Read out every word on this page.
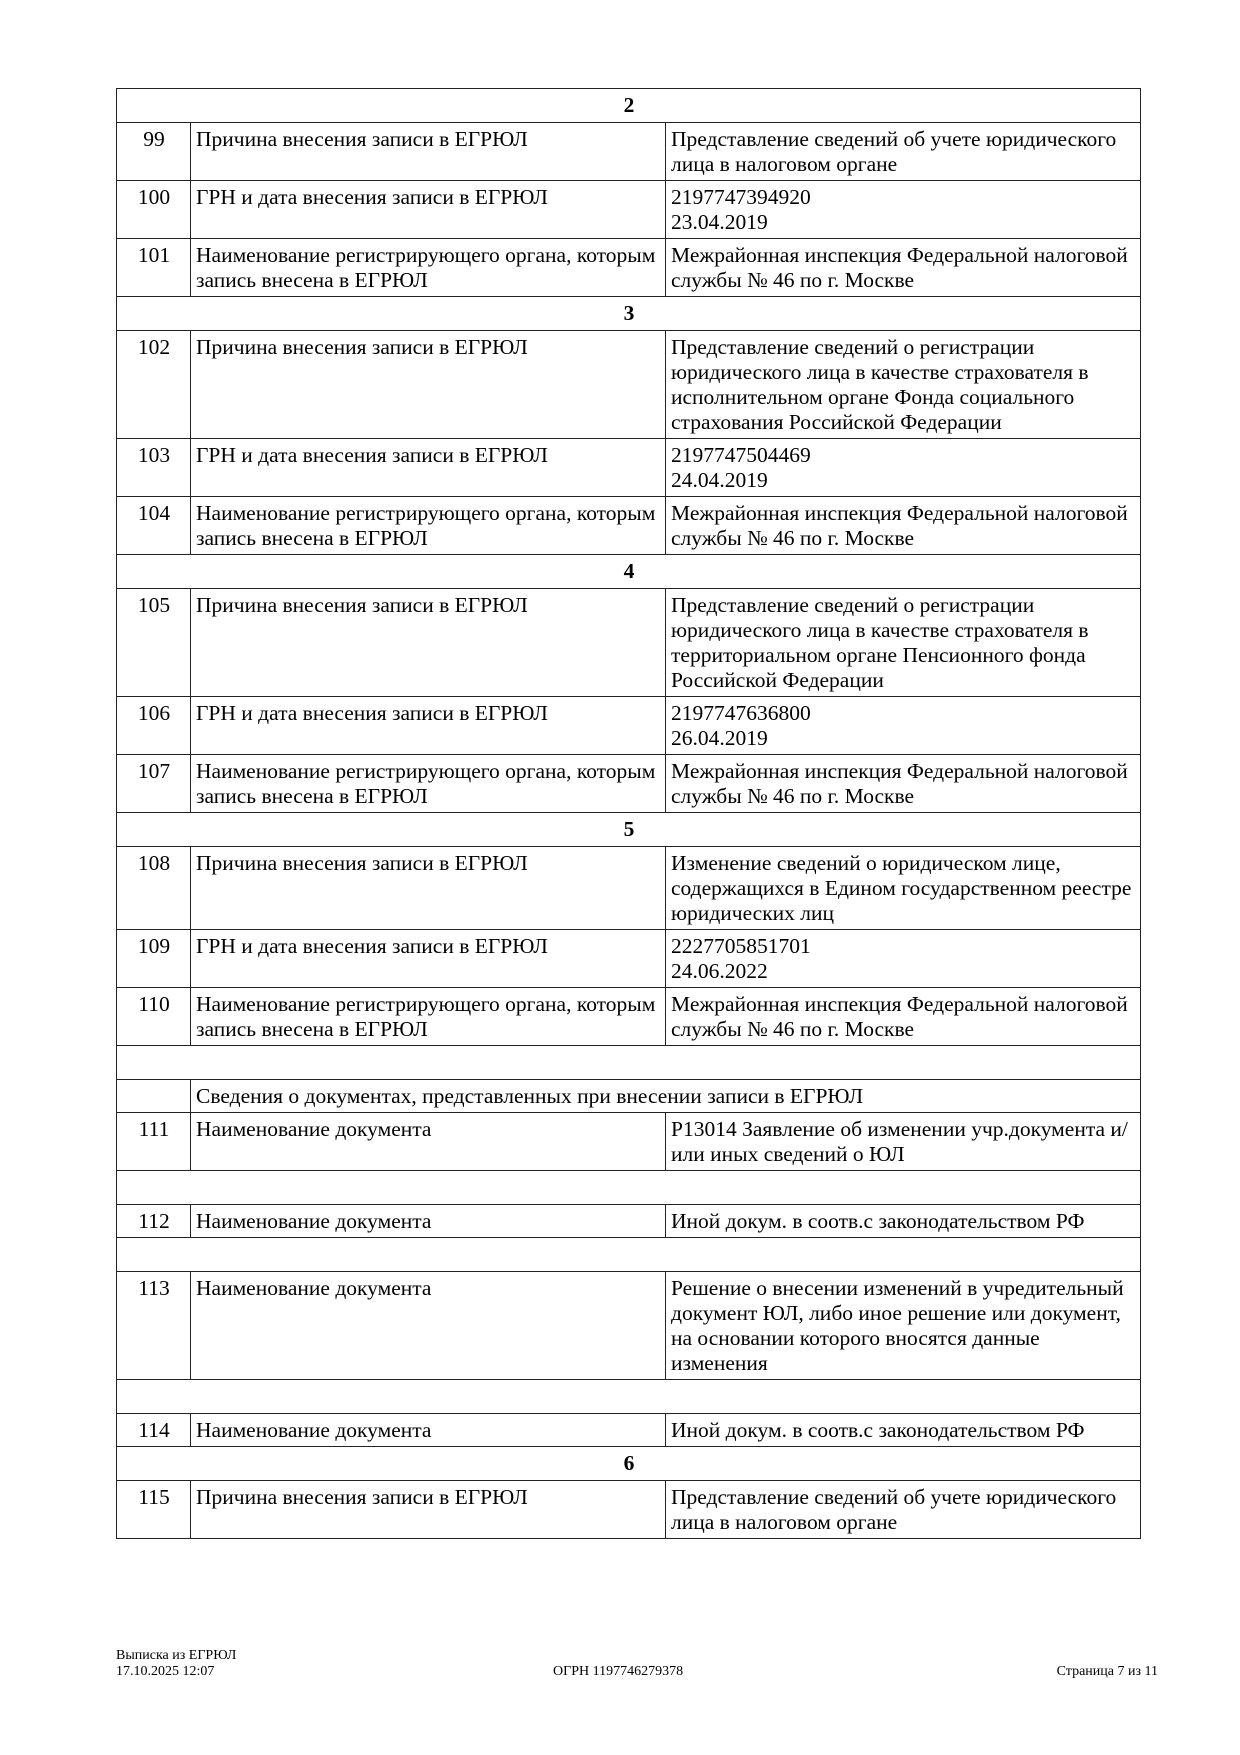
2		
99	Причина внесения записи в ЕГРЮЛ	Представление сведений об учете юридического лица в налоговом органе

100	ГРН и дата внесения записи в ЕГРЮЛ	2197747394920
23.04.2019

101	Наименование регистрирующего органа, которым запись внесена в ЕГРЮЛ	Межрайонная инспекция Федеральной налоговой службы № 46 по г. Москве

3		
102	Причина внесения записи в ЕГРЮЛ	Представление сведений о регистрации юридического лица в качестве страхователя в исполнительном органе Фонда социального страхования Российской Федерации

103	ГРН и дата внесения записи в ЕГРЮЛ	2197747504469
24.04.2019

104	Наименование регистрирующего органа, которым запись внесена в ЕГРЮЛ	Межрайонная инспекция Федеральной налоговой службы № 46 по г. Москве

4		
105	Причина внесения записи в ЕГРЮЛ	Представление сведений о регистрации юридического лица в качестве страхователя в территориальном органе Пенсионного фонда Российской Федерации

106	ГРН и дата внесения записи в ЕГРЮЛ	2197747636800
26.04.2019

107	Наименование регистрирующего органа, которым запись внесена в ЕГРЮЛ	Межрайонная инспекция Федеральной налоговой службы № 46 по г. Москве

5		
108	Причина внесения записи в ЕГРЮЛ	Изменение сведений о юридическом лице, содержащихся в Едином государственном реестре юридических лиц

109	ГРН и дата внесения записи в ЕГРЮЛ	2227705851701
24.06.2022

110	Наименование регистрирующего органа, которым запись внесена в ЕГРЮЛ	Межрайонная инспекция Федеральной налоговой службы № 46 по г. Москве

	Сведения о документах, представленных при внесении записи в ЕГРЮЛ	
111	Наименование документа	Р13014 Заявление об изменении учр.документа и/или иных сведений о ЮЛ

112	Наименование документа	Иной докум. в соотв.с законодательством РФ

113	Наименование документа	Решение о внесении изменений в учредительный документ ЮЛ, либо иное решение или документ, на основании которого вносятся данные изменения

114	Наименование документа	Иной докум. в соотв.с законодательством РФ

6		
115	Причина внесения записи в ЕГРЮЛ	Представление сведений об учете юридического лица в налоговом органе
Выписка из ЕГРЮЛ
17.10.2025 12:07	ОГРН 1197746279378	Страница 7 из 11
